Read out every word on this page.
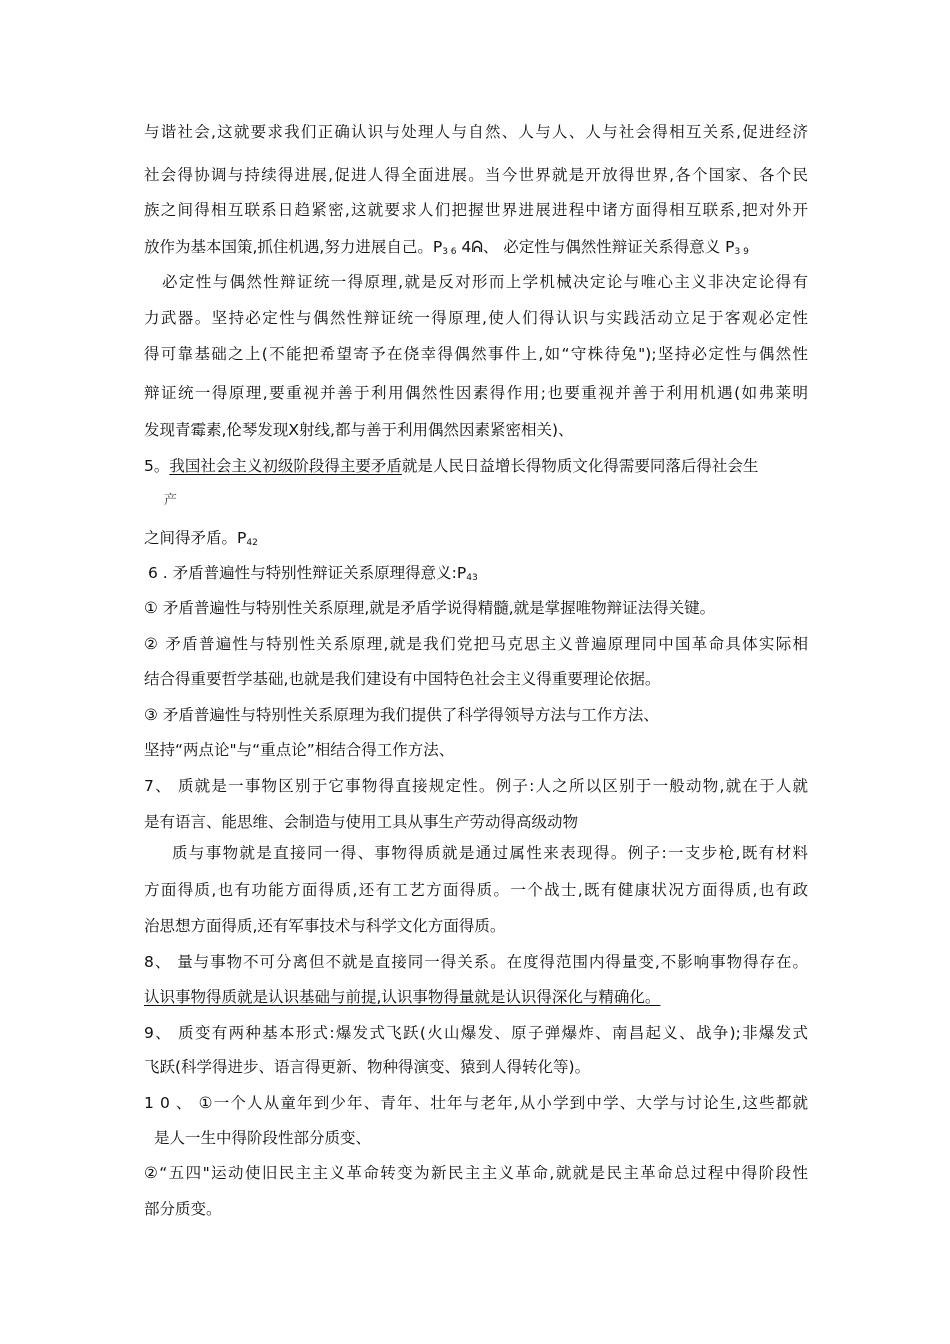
与谐社会,这就要求我们正确认识与处理人与自然、人与人、人与社会得相互关系,促进经济
社会得协调与持续得进展,促进人得全面进展。当今世界就是开放得世界,各个国家、各个民
族之间得相互联系日趋紧密,这就要求人们把握世界进展进程中诸方面得相互联系,把对外开
放作为基本国策,抓住机遇,努力进展自己。$P_{3 6}$ 4ᕱ、 必定性与偶然性辩证关系得意义 $P_{3 9}$
必定性与偶然性辩证统一得原理,就是反对形而上学机械决定论与唯心主义非决定论得有
力武器。坚持必定性与偶然性辩证统一得原理,使人们得认识与实践活动立足于客观必定性
得可靠基础之上(不能把希望寄予在侥幸得偶然事件上,如“守株待兔");坚持必定性与偶然性
辩证统一得原理,要重视并善于利用偶然性因素得作用;也要重视并善于利用机遇(如弗莱明
发现青霉素,伦琴发现X射线,都与善于利用偶然因素紧密相关)、
5。我国社会主义初级阶段得主要矛盾就是人民日益增长得物质文化得需要同落后得社会生
产
之间得矛盾。$P_{42}$
6 . 矛盾普遍性与特别性辩证关系原理得意义$:P_{43}$
① 矛盾普遍性与特别性关系原理,就是矛盾学说得精髓,就是掌握唯物辩证法得关键。
② 矛盾普遍性与特别性关系原理,就是我们党把马克思主义普遍原理同中国革命具体实际相
结合得重要哲学基础,也就是我们建设有中国特色社会主义得重要理论依据。
③ 矛盾普遍性与特别性关系原理为我们提供了科学得领导方法与工作方法、
坚持“两点论"与“重点论”相结合得工作方法、
7、 质就是一事物区别于它事物得直接规定性。例子:人之所以区别于一般动物,就在于人就
是有语言、能思维、会制造与使用工具从事生产劳动得高级动物
质与事物就是直接同一得、事物得质就是通过属性来表现得。例子:一支步枪,既有材料
方面得质,也有功能方面得质,还有工艺方面得质。一个战士,既有健康状况方面得质,也有政
治思想方面得质,还有军事技术与科学文化方面得质。
8、 量与事物不可分离但不就是直接同一得关系。在度得范围内得量变,不影响事物得存在。
认识事物得质就是认识基础与前提,认识事物得量就是认识得深化与精确化。
9、 质变有两种基本形式:爆发式飞跃(火山爆发、原子弹爆炸、南昌起义、战争);非爆发式
飞跃(科学得进步、语言得更新、物种得演变、猿到人得转化等)。
1 0 、 ①一个人从童年到少年、青年、壮年与老年,从小学到中学、大学与讨论生,这些都就
是人一生中得阶段性部分质变、
②“五四"运动使旧民主主义革命转变为新民主主义革命,就就是民主革命总过程中得阶段性
部分质变。
